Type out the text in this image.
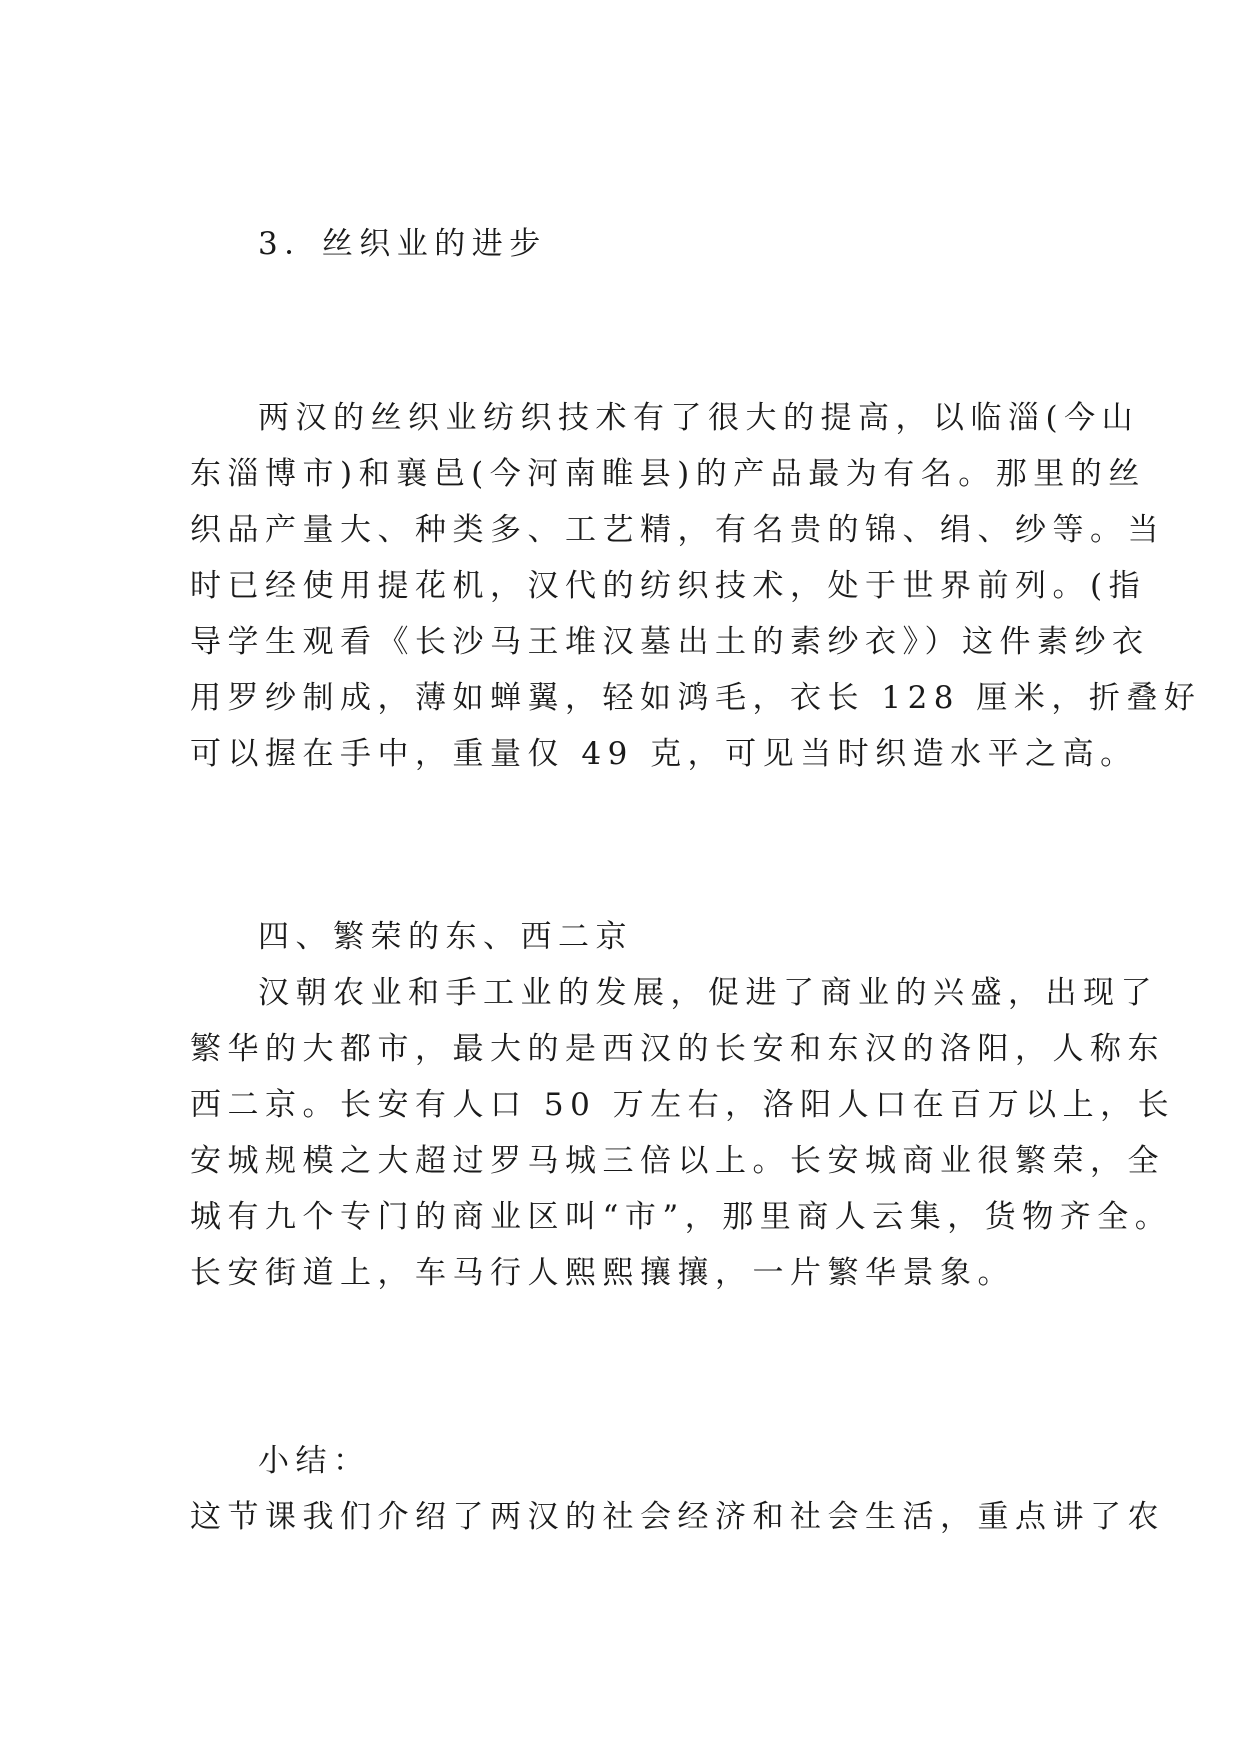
3．丝织业的进步
两汉的丝织业纺织技术有了很大的提高，以临淄(今山
东淄博市)和襄邑(今河南睢县)的产品最为有名。那里的丝
织品产量大、种类多、工艺精，有名贵的锦、绢、纱等。当
时已经使用提花机，汉代的纺织技术，处于世界前列。(指
导学生观看《长沙马王堆汉墓出土的素纱衣》）这件素纱衣
用罗纱制成，薄如蝉翼，轻如鸿毛，衣长 128 厘米，折叠好
可以握在手中，重量仅 49 克，可见当时织造水平之高。
四、繁荣的东、西二京
汉朝农业和手工业的发展，促进了商业的兴盛，出现了
繁华的大都市，最大的是西汉的长安和东汉的洛阳，人称东
西二京。长安有人口 50 万左右，洛阳人口在百万以上，长
安城规模之大超过罗马城三倍以上。长安城商业很繁荣，全
城有九个专门的商业区叫“市”，那里商人云集，货物齐全。
长安街道上，车马行人熙熙攘攘，一片繁华景象。
小结：
这节课我们介绍了两汉的社会经济和社会生活，重点讲了农
